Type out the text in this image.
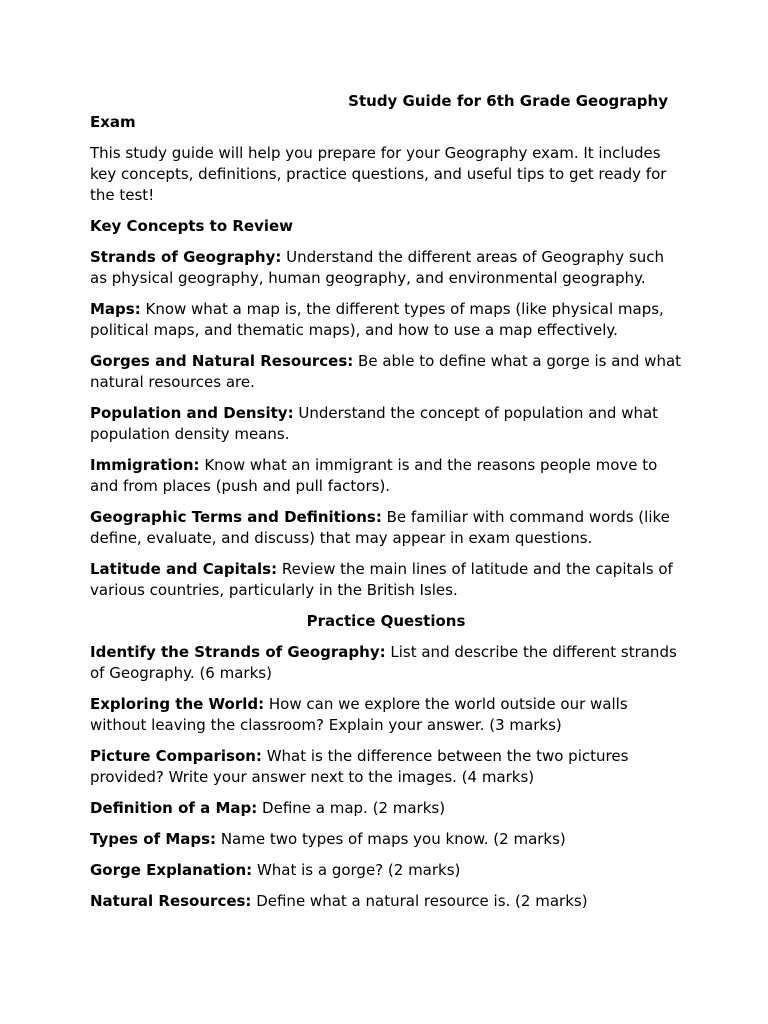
Study Guide for 6th Grade Geography

Exam

This study guide will help you prepare for your Geography exam. It includes key concepts, definitions, practice questions, and useful tips to get ready for the test!

Key Concepts to Review

Strands of Geography: Understand the different areas of Geography such as physical geography, human geography, and environmental geography.

Maps: Know what a map is, the different types of maps (like physical maps, political maps, and thematic maps), and how to use a map effectively.

Gorges and Natural Resources: Be able to define what a gorge is and what natural resources are.

Population and Density: Understand the concept of population and what population density means.

Immigration: Know what an immigrant is and the reasons people move to and from places (push and pull factors).

Geographic Terms and Definitions: Be familiar with command words (like define, evaluate, and discuss) that may appear in exam questions.

Latitude and Capitals: Review the main lines of latitude and the capitals of various countries, particularly in the British Isles.

Practice Questions

Identify the Strands of Geography: List and describe the different strands of Geography. (6 marks)

Exploring the World: How can we explore the world outside our walls without leaving the classroom? Explain your answer. (3 marks)

Picture Comparison: What is the difference between the two pictures provided? Write your answer next to the images. (4 marks)

Definition of a Map: Define a map. (2 marks)

Types of Maps: Name two types of maps you know. (2 marks)

Gorge Explanation: What is a gorge? (2 marks)

Natural Resources: Define what a natural resource is. (2 marks)
